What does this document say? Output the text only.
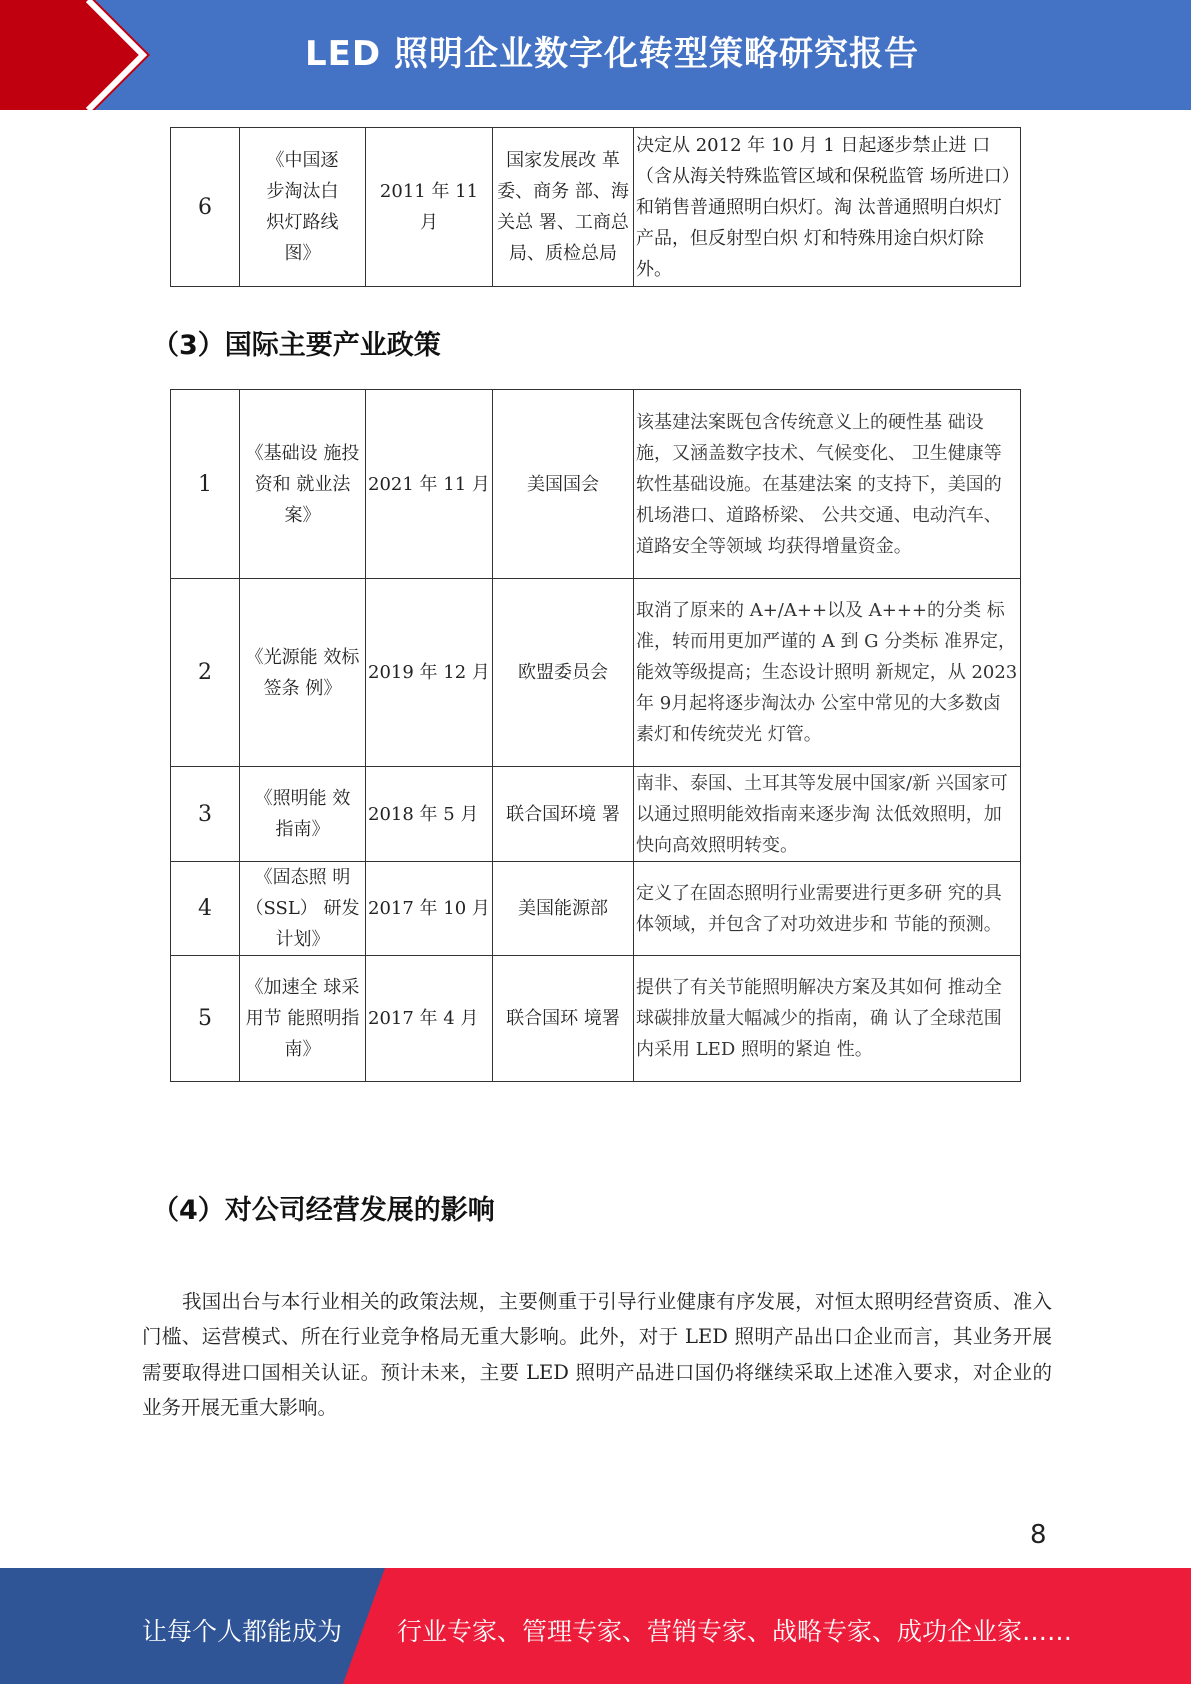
LED 照明企业数字化转型策略研究报告
6	《中国逐步淘汰白炽灯路线图》	2011 年 11 月	国家发展改 革委、商务 部、海关总 署、工商总 局、质检总局	决定从 2012 年 10 月 1 日起逐步禁止进 口（含从海关特殊监管区域和保税监管 场所进口）和销售普通照明白炽灯。淘 汰普通照明白炽灯产品，但反射型白炽 灯和特殊用途白炽灯除外。
（3）国际主要产业政策
1	《基础设 施投资和 就业法案》	2021 年 11 月	美国国会	该基建法案既包含传统意义上的硬性基 础设施，又涵盖数字技术、气候变化、 卫生健康等软性基础设施。在基建法案 的支持下，美国的机场港口、道路桥梁、 公共交通、电动汽车、道路安全等领域 均获得增量资金。
2	《光源能 效标签条 例》	2019 年 12 月	欧盟委员会	取消了原来的 A+/A++以及 A+++的分类 标准，转而用更加严谨的 A 到 G 分类标 准界定，能效等级提高；生态设计照明 新规定，从 2023 年 9月起将逐步淘汰办 公室中常见的大多数卤素灯和传统荧光 灯管。
3	《照明能 效指南》	2018 年 5 月	联合国环境 署	南非、泰国、土耳其等发展中国家/新 兴国家可以通过照明能效指南来逐步淘 汰低效照明，加快向高效照明转变。
4	《固态照 明（SSL） 研发计划》	2017 年 10 月	美国能源部	定义了在固态照明行业需要进行更多研 究的具体领域，并包含了对功效进步和 节能的预测。
5	《加速全 球采用节 能照明指 南》	2017 年 4 月	联合国环 境署	提供了有关节能照明解决方案及其如何 推动全球碳排放量大幅减少的指南，确 认了全球范围内采用 LED 照明的紧迫 性。
（4）对公司经营发展的影响

我国出台与本行业相关的政策法规，主要侧重于引导行业健康有序发展，对恒太照明经营资质、准入门槛、运营模式、所在行业竞争格局无重大影响。此外，对于 LED 照明产品出口企业而言，其业务开展需要取得进口国相关认证。预计未来，主要 LED 照明产品进口国仍将继续采取上述准入要求，对企业的业务开展无重大影响。

8
让每个人都能成为 行业专家、管理专家、营销专家、战略专家、成功企业家……
